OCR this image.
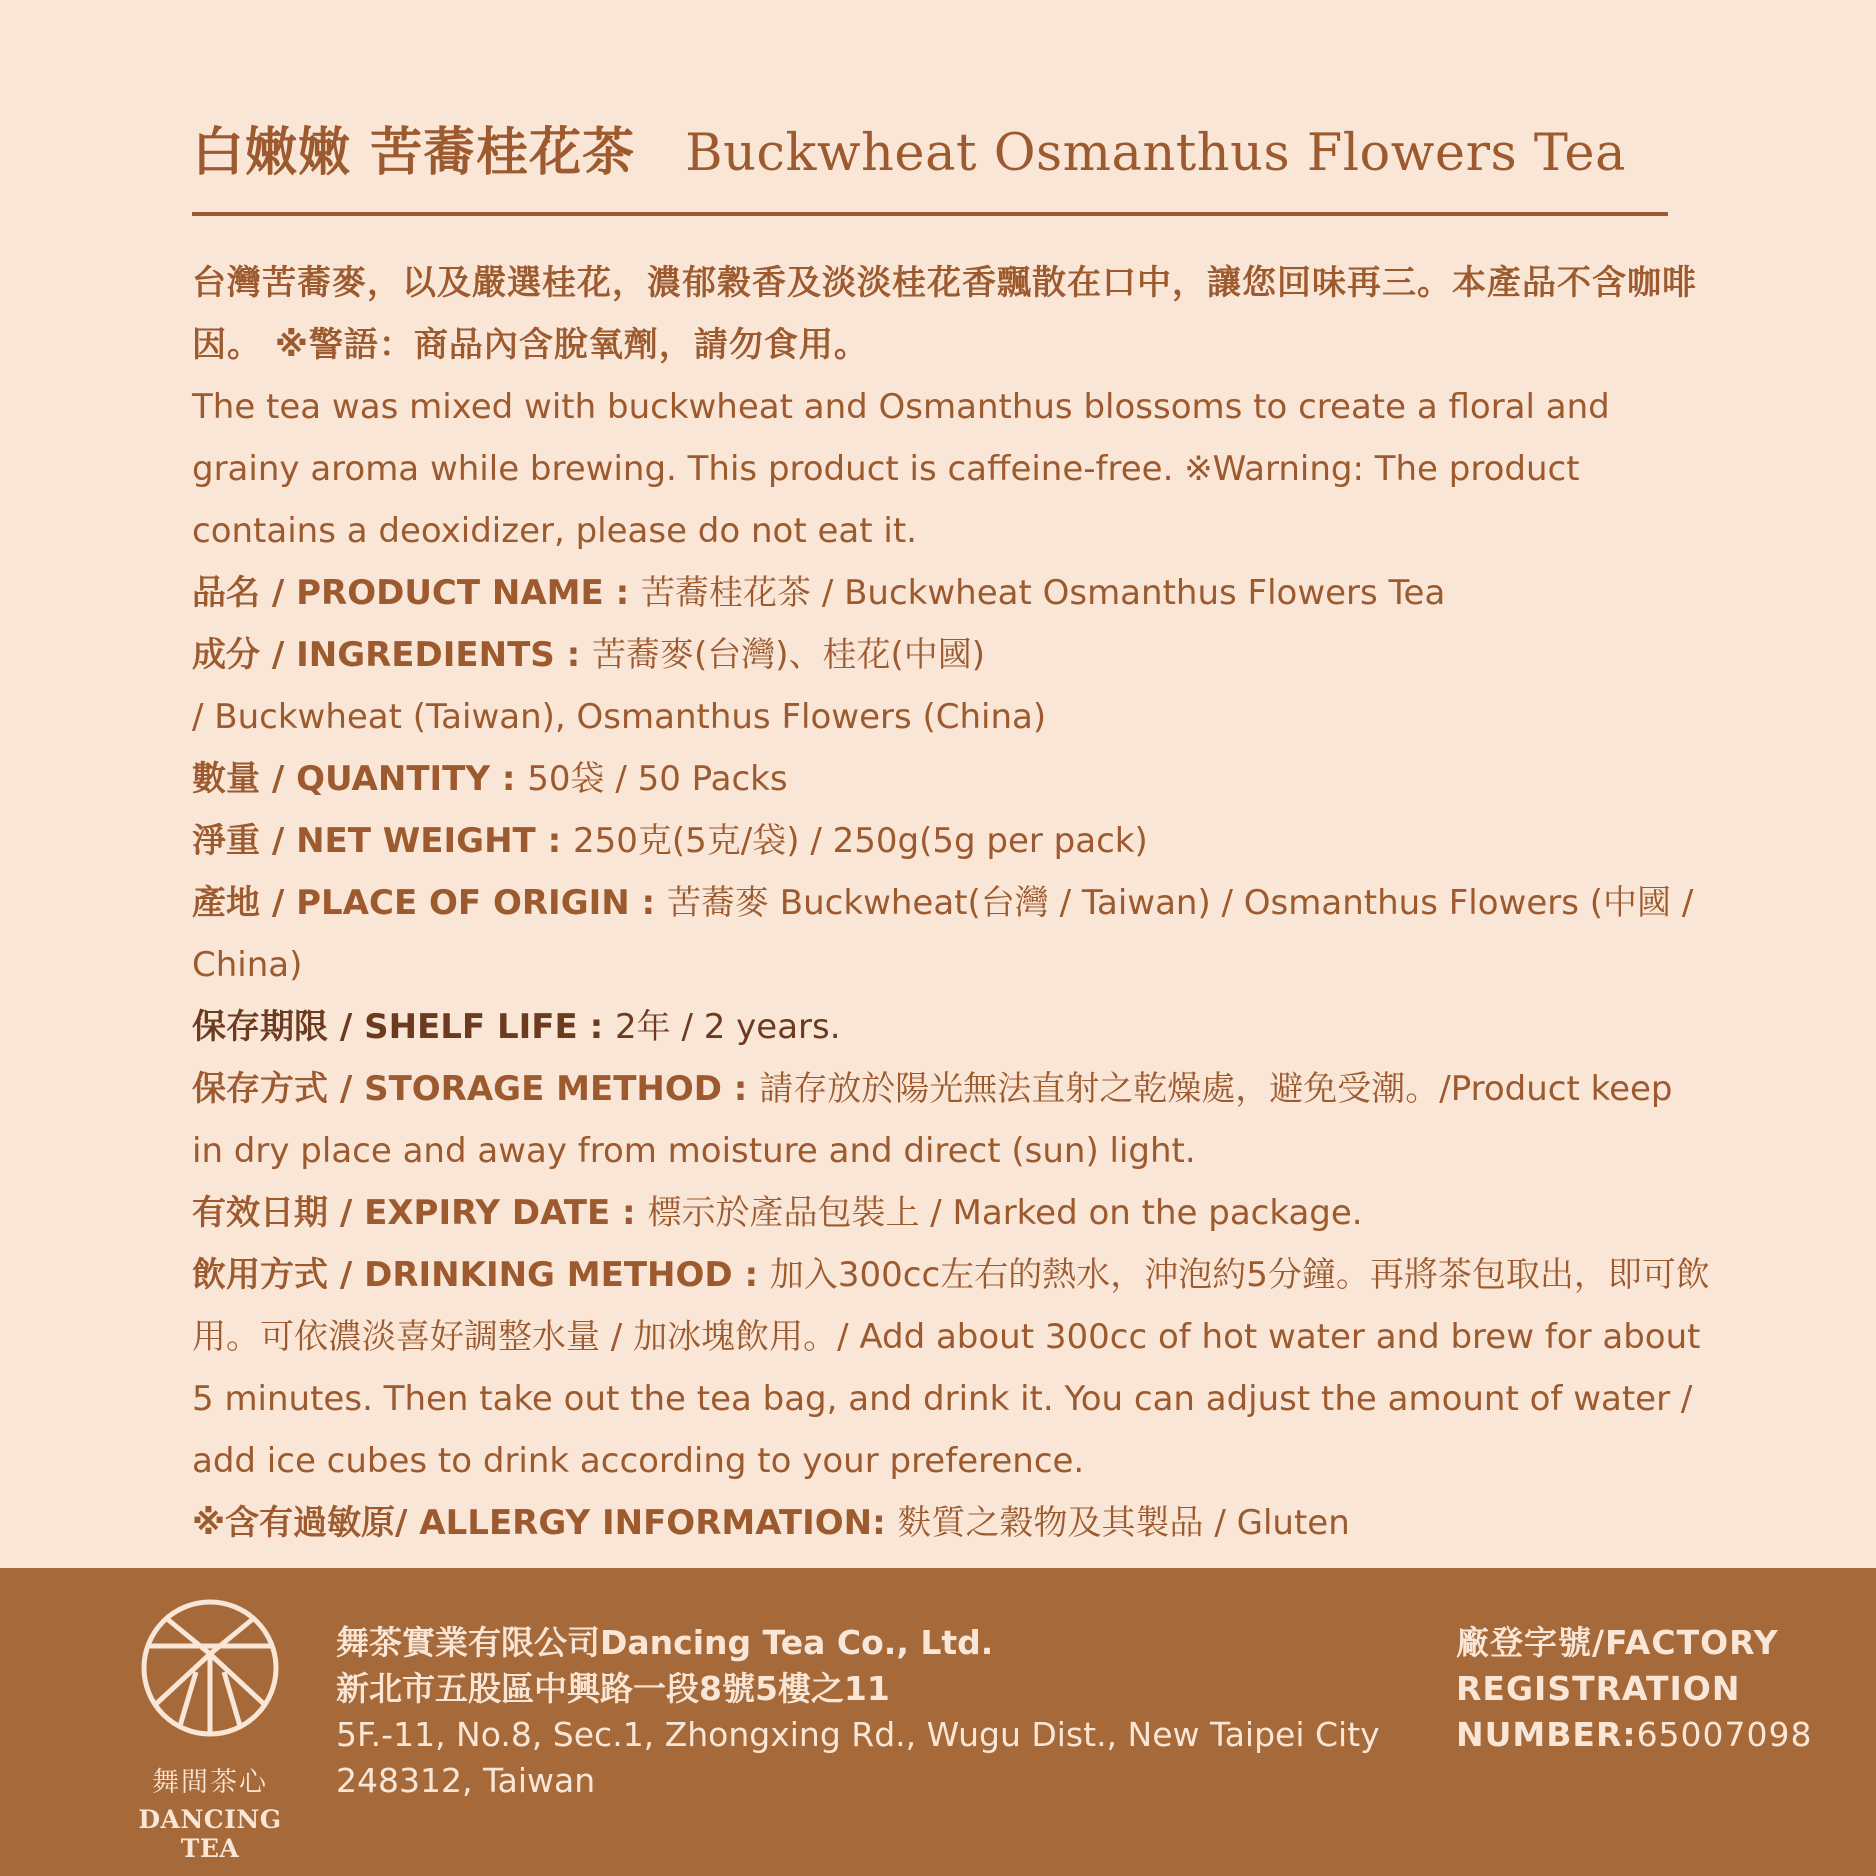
白嫩嫩 苦蕎桂花茶 Buckwheat Osmanthus Flowers Tea

台灣苦蕎麥，以及嚴選桂花，濃郁穀香及淡淡桂花香飄散在口中，讓您回味再三。本產品不含咖啡因。 ※警語：商品內含脫氧劑，請勿食用。

The tea was mixed with buckwheat and Osmanthus blossoms to create a floral and grainy aroma while brewing. This product is caffeine-free. ※Warning: The product contains a deoxidizer, please do not eat it.

品名 / PRODUCT NAME : 苦蕎桂花茶 / Buckwheat Osmanthus Flowers Tea

成分 / INGREDIENTS : 苦蕎麥(台灣)、桂花(中國)

/ Buckwheat (Taiwan), Osmanthus Flowers (China)

數量 / QUANTITY : 50袋 / 50 Packs

淨重 / NET WEIGHT : 250克(5克/袋) / 250g(5g per pack)

產地 / PLACE OF ORIGIN : 苦蕎麥 Buckwheat(台灣 / Taiwan) / Osmanthus Flowers (中國 / China)

保存期限 / SHELF LIFE : 2年 / 2 years.

保存方式 / STORAGE METHOD : 請存放於陽光無法直射之乾燥處，避免受潮。/Product keep in dry place and away from moisture and direct (sun) light.

有效日期 / EXPIRY DATE : 標示於產品包裝上 / Marked on the package.

飲用方式 / DRINKING METHOD : 加入300cc左右的熱水，沖泡約5分鐘。再將茶包取出，即可飲用。可依濃淡喜好調整水量 / 加冰塊飲用。/ Add about 300cc of hot water and brew for about 5 minutes. Then take out the tea bag, and drink it. You can adjust the amount of water / add ice cubes to drink according to your preference.

※含有過敏原/ ALLERGY INFORMATION: 麩質之穀物及其製品 / Gluten

舞間茶心
DANCING TEA
舞茶實業有限公司Dancing Tea Co., Ltd.
新北市五股區中興路一段8號5樓之11
5F.-11, No.8, Sec.1, Zhongxing Rd., Wugu Dist., New Taipei City 248312, Taiwan
廠登字號/FACTORY REGISTRATION NUMBER:65007098
